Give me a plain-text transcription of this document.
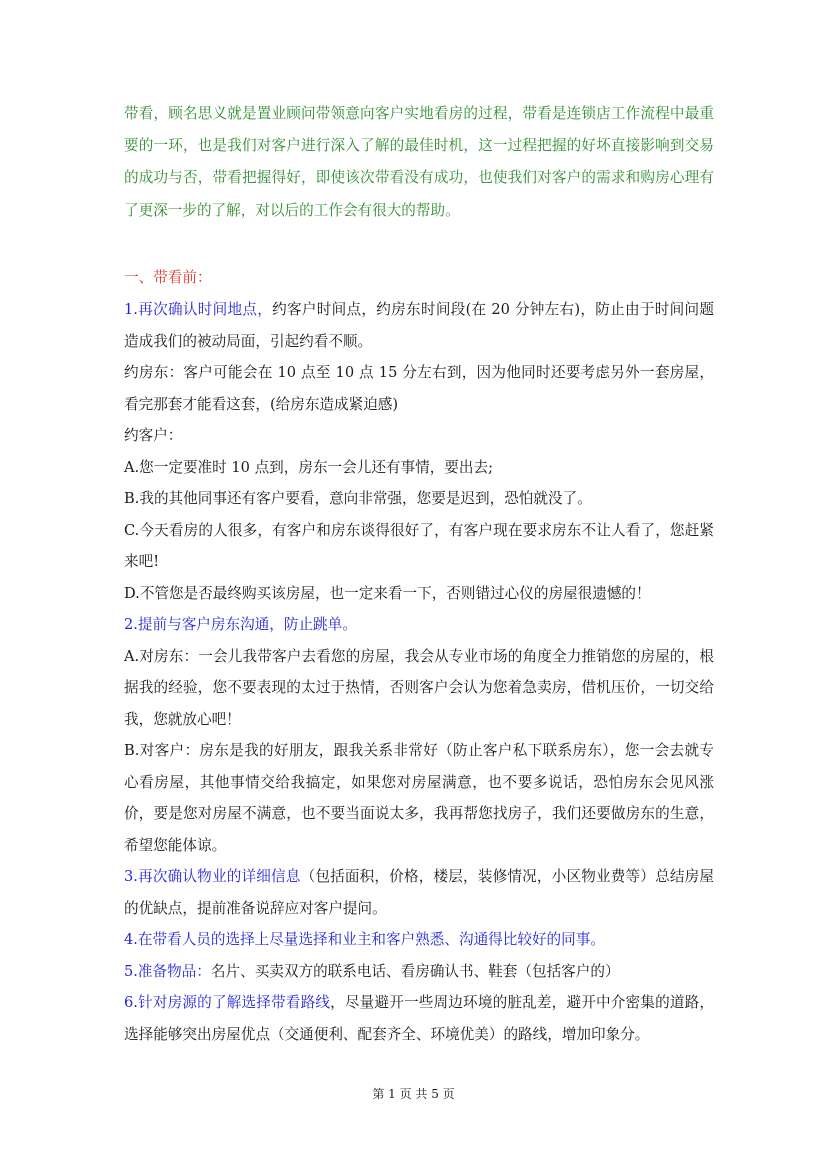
带看，顾名思义就是置业顾问带领意向客户实地看房的过程，带看是连锁店工作流程中最重要的一环，也是我们对客户进行深入了解的最佳时机，这一过程把握的好坏直接影响到交易的成功与否，带看把握得好，即使该次带看没有成功，也使我们对客户的需求和购房心理有了更深一步的了解，对以后的工作会有很大的帮助。
一、带看前：

1.再次确认时间地点，约客户时间点，约房东时间段(在 20 分钟左右)，防止由于时间问题造成我们的被动局面，引起约看不顺。

约房东：客户可能会在 10 点至 10 点 15 分左右到，因为他同时还要考虑另外一套房屋，看完那套才能看这套，(给房东造成紧迫感)

约客户：

A.您一定要准时 10 点到，房东一会儿还有事情，要出去;

B.我的其他同事还有客户要看，意向非常强，您要是迟到，恐怕就没了。

C.今天看房的人很多，有客户和房东谈得很好了，有客户现在要求房东不让人看了，您赶紧来吧!

D.不管您是否最终购买该房屋，也一定来看一下，否则错过心仪的房屋很遗憾的！

2.提前与客户房东沟通，防止跳单。

A.对房东：一会儿我带客户去看您的房屋，我会从专业市场的角度全力推销您的房屋的，根据我的经验，您不要表现的太过于热情，否则客户会认为您着急卖房，借机压价，一切交给我，您就放心吧！

B.对客户：房东是我的好朋友，跟我关系非常好（防止客户私下联系房东），您一会去就专心看房屋，其他事情交给我搞定，如果您对房屋满意，也不要多说话，恐怕房东会见风涨价，要是您对房屋不满意，也不要当面说太多，我再帮您找房子，我们还要做房东的生意，希望您能体谅。

3.再次确认物业的详细信息（包括面积，价格，楼层，装修情况，小区物业费等）总结房屋的优缺点，提前准备说辞应对客户提问。

4.在带看人员的选择上尽量选择和业主和客户熟悉、沟通得比较好的同事。

5.准备物品：名片、买卖双方的联系电话、看房确认书、鞋套（包括客户的）

6.针对房源的了解选择带看路线，尽量避开一些周边环境的脏乱差，避开中介密集的道路，选择能够突出房屋优点（交通便利、配套齐全、环境优美）的路线，增加印象分。

第 1 页 共 5 页
